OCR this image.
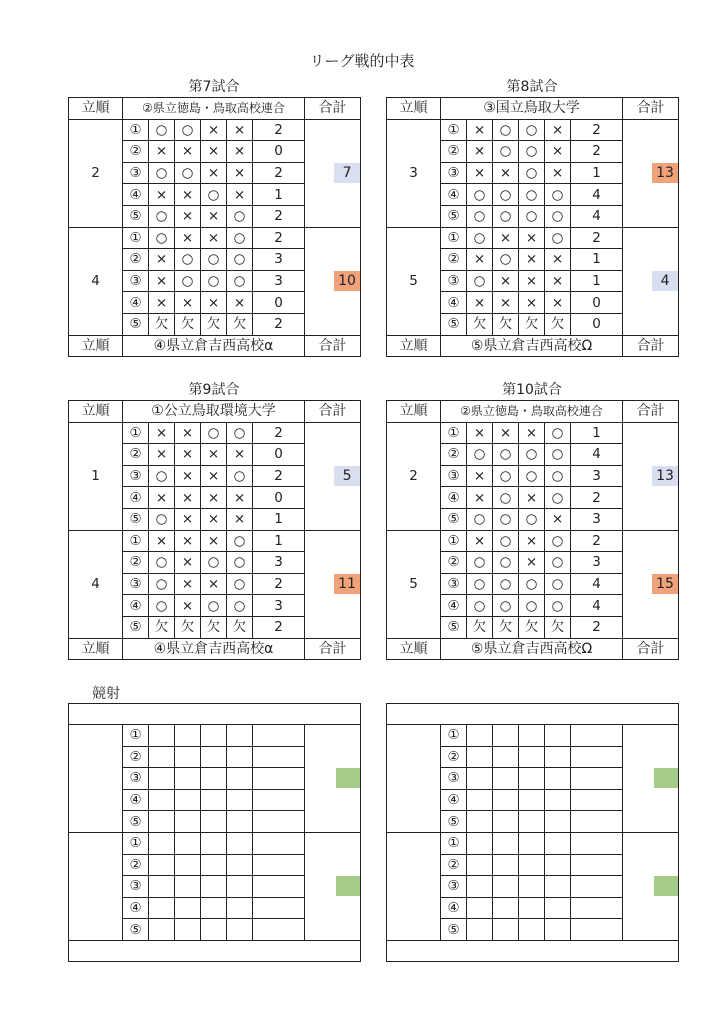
リーグ戦的中表
第7試合
立順	②県立徳島・鳥取高校連合						合計
2	①	○	○	×	×	2	7

	②	×	×	×	×	0	
	③	○	○	×	×	2	
	④	×	×	○	×	1	
	⑤	○	×	×	○	2	
4	①	○	×	×	○	2	10

	②	×	○	○	○	3	
	③	×	○	○	○	3	
	④	×	×	×	×	0	
	⑤	欠	欠	欠	欠	2	
立順	④県立倉吉西高校α						合計
第8試合
立順	③国立鳥取大学						合計
3	①	×	○	○	×	2	13

	②	×	○	○	×	2	
	③	×	×	○	×	1	
	④	○	○	○	○	4	
	⑤	○	○	○	○	4	
5	①	○	×	×	○	2	4

	②	×	○	×	×	1	
	③	○	×	×	×	1	
	④	×	×	×	×	0	
	⑤	欠	欠	欠	欠	0	
立順	⑤県立倉吉西高校Ω						合計
第9試合
立順	①公立鳥取環境大学						合計
1	①	×	×	○	○	2	5

	②	×	×	×	×	0	
	③	○	×	×	○	2	
	④	×	×	×	×	0	
	⑤	○	×	×	×	1	
4	①	×	×	×	○	1	11

	②	○	×	○	○	3	
	③	○	×	×	○	2	
	④	○	×	○	○	3	
	⑤	欠	欠	欠	欠	2	
立順	④県立倉吉西高校α						合計
第10試合
立順	②県立徳島・鳥取高校連合						合計
2	①	×	×	×	○	1	13

	②	○	○	○	○	4	
	③	×	○	○	○	3	
	④	×	○	×	○	2	
	⑤	○	○	○	×	3	
5	①	×	○	×	○	2	15

	②	○	○	×	○	3	
	③	○	○	○	○	4	
	④	○	○	○	○	4	
	⑤	欠	欠	欠	欠	2	
立順	⑤県立倉吉西高校Ω						合計
競射

	①						

	②						
	③						
	④						
	⑤						
	①						

	②						
	③						
	④						
	⑤						

	①						

	②						
	③						
	④						
	⑤						
	①						

	②						
	③						
	④						
	⑤						
